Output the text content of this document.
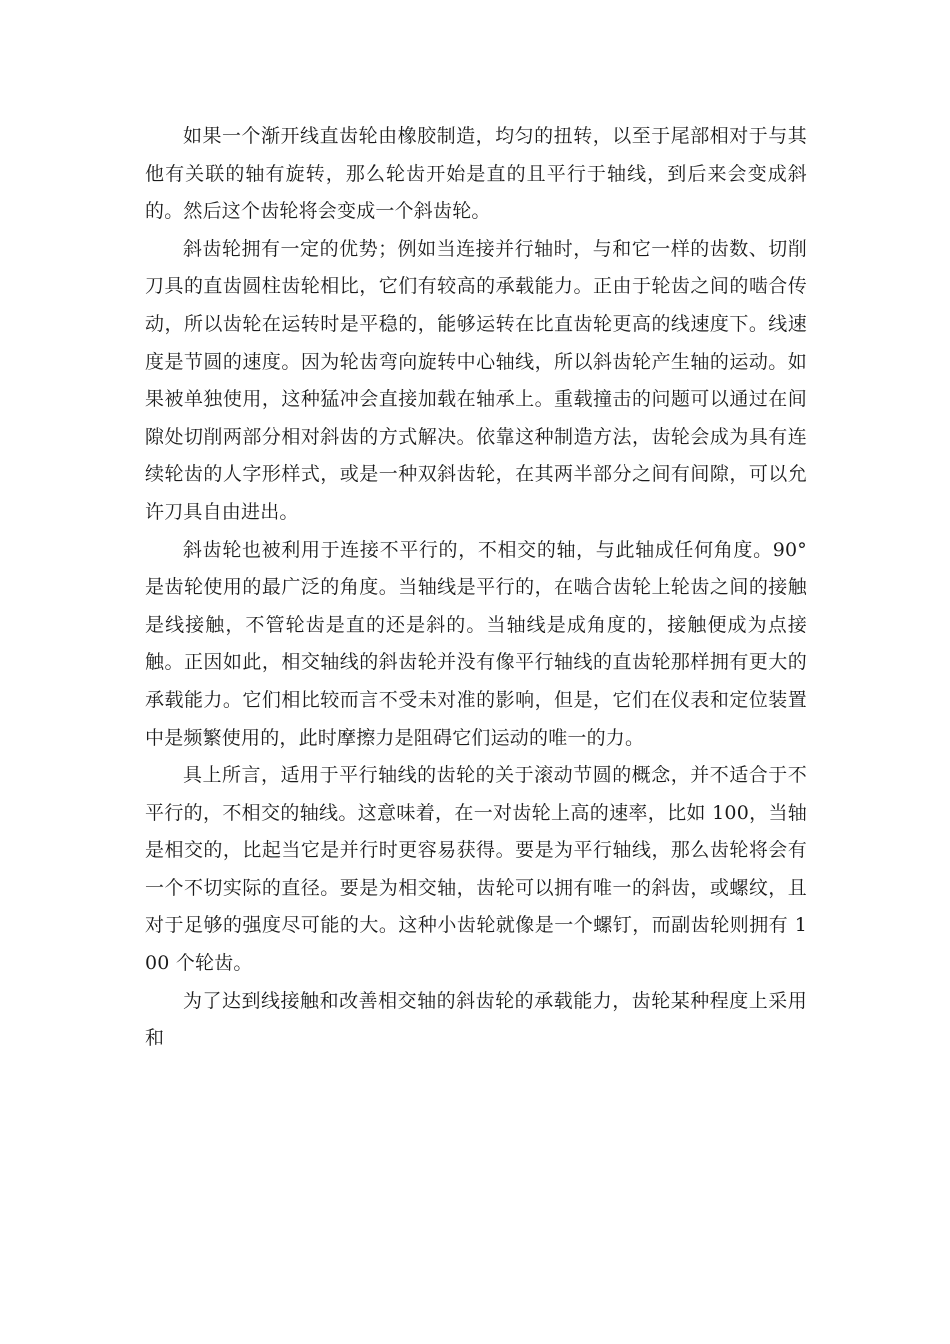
如果一个渐开线直齿轮由橡胶制造，均匀的扭转，以至于尾部相对于与其他有关联的轴有旋转，那么轮齿开始是直的且平行于轴线，到后来会变成斜的。然后这个齿轮将会变成一个斜齿轮。

斜齿轮拥有一定的优势；例如当连接并行轴时，与和它一样的齿数、切削刀具的直齿圆柱齿轮相比，它们有较高的承载能力。正由于轮齿之间的啮合传动，所以齿轮在运转时是平稳的，能够运转在比直齿轮更高的线速度下。线速度是节圆的速度。因为轮齿弯向旋转中心轴线，所以斜齿轮产生轴的运动。如果被单独使用，这种猛冲会直接加载在轴承上。重载撞击的问题可以通过在间隙处切削两部分相对斜齿的方式解决。依靠这种制造方法，齿轮会成为具有连续轮齿的人字形样式，或是一种双斜齿轮，在其两半部分之间有间隙，可以允许刀具自由进出。

斜齿轮也被利用于连接不平行的，不相交的轴，与此轴成任何角度。90°是齿轮使用的最广泛的角度。当轴线是平行的，在啮合齿轮上轮齿之间的接触是线接触，不管轮齿是直的还是斜的。当轴线是成角度的，接触便成为点接触。正因如此，相交轴线的斜齿轮并没有像平行轴线的直齿轮那样拥有更大的承载能力。它们相比较而言不受未对准的影响，但是，它们在仪表和定位装置中是频繁使用的，此时摩擦力是阻碍它们运动的唯一的力。

具上所言，适用于平行轴线的齿轮的关于滚动节圆的概念，并不适合于不平行的，不相交的轴线。这意味着，在一对齿轮上高的速率，比如 100，当轴是相交的，比起当它是并行时更容易获得。要是为平行轴线，那么齿轮将会有一个不切实际的直径。要是为相交轴，齿轮可以拥有唯一的斜齿，或螺纹，且对于足够的强度尽可能的大。这种小齿轮就像是一个螺钉，而副齿轮则拥有 100 个轮齿。

为了达到线接触和改善相交轴的斜齿轮的承载能力，齿轮某种程度上采用和
